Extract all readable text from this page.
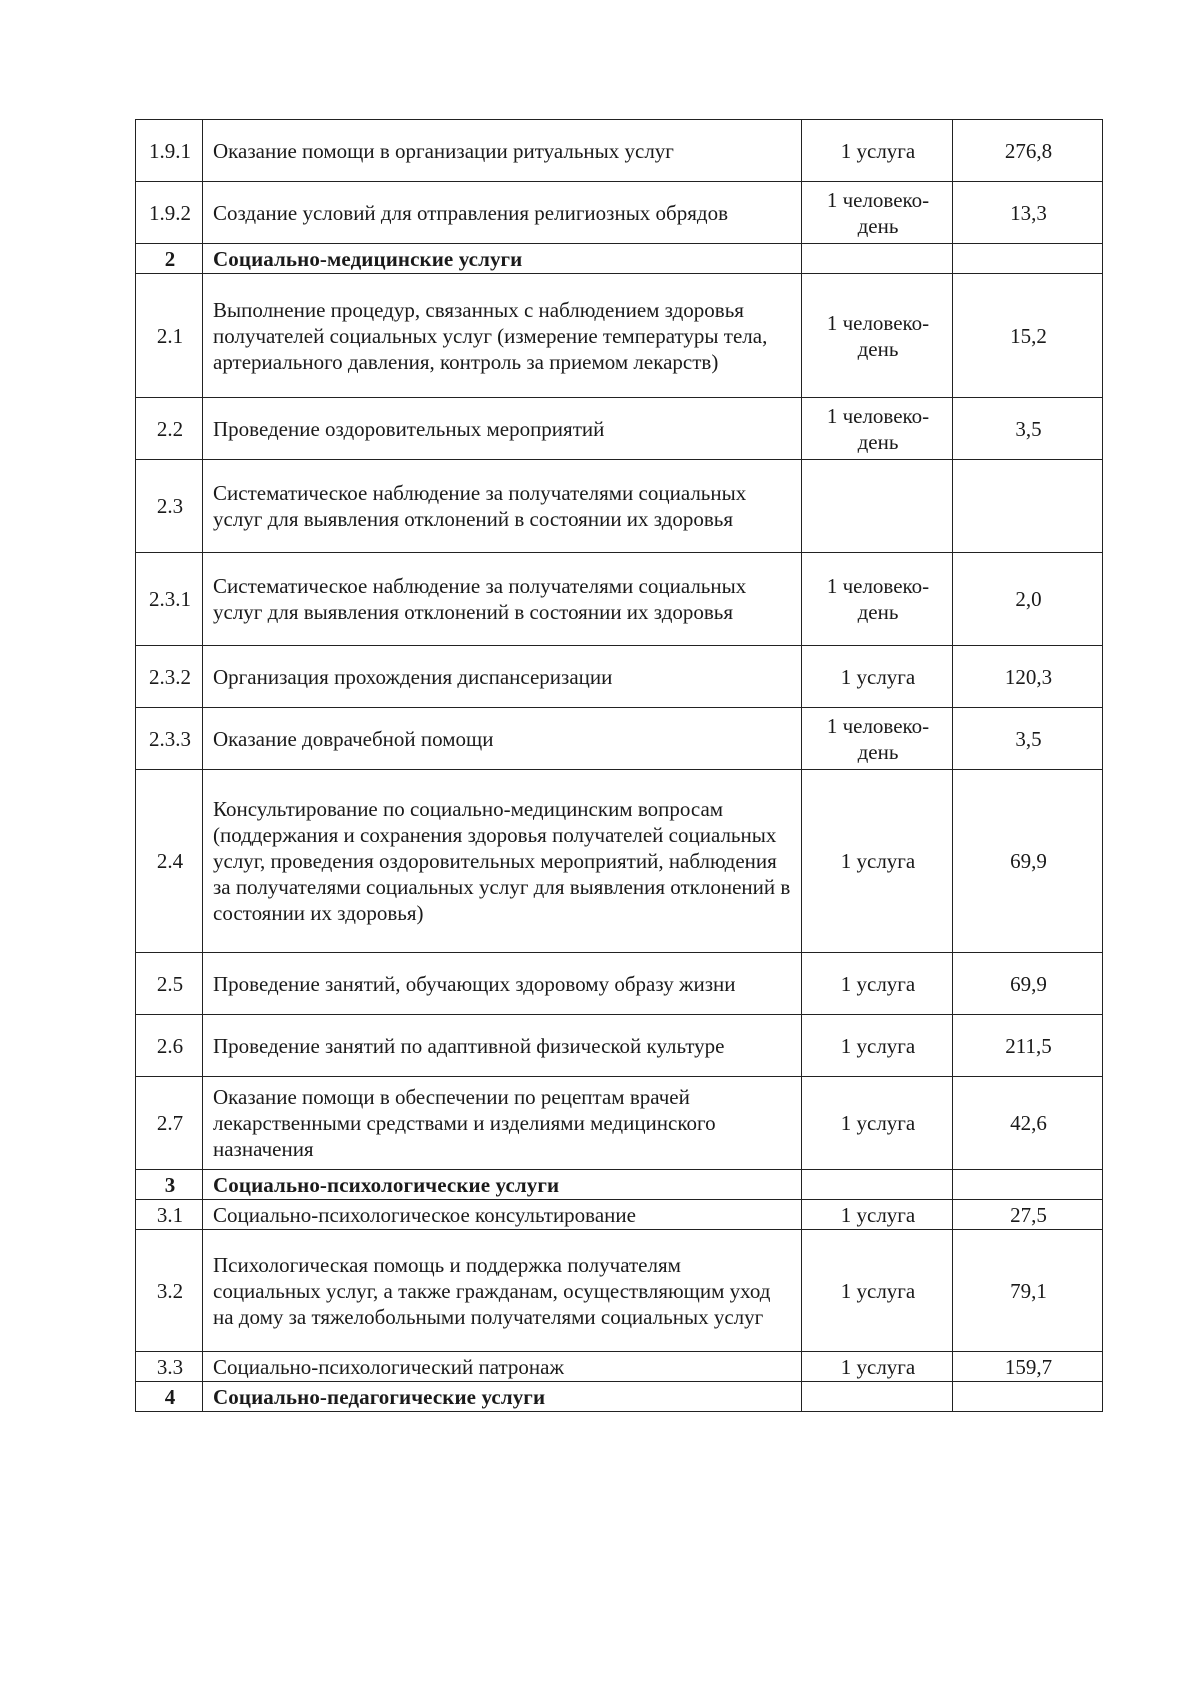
1.9.1	Оказание помощи в организации ритуальных услуг	1 услуга	276,8
1.9.2	Создание условий для отправления религиозных обрядов	1 человеко-день	13,3
2	Социально-медицинские услуги		
2.1	Выполнение процедур, связанных с наблюдением здоровья получателей социальных услуг (измерение температуры тела, артериального давления, контроль за приемом лекарств)	1 человеко-день	15,2
2.2	Проведение оздоровительных мероприятий	1 человеко-день	3,5
2.3	Систематическое наблюдение за получателями социальных услуг для выявления отклонений в состоянии их здоровья		
2.3.1	Систематическое наблюдение за получателями социальных услуг для выявления отклонений в состоянии их здоровья	1 человеко-день	2,0
2.3.2	Организация прохождения диспансеризации	1 услуга	120,3
2.3.3	Оказание доврачебной помощи	1 человеко-день	3,5
2.4	Консультирование по социально-медицинским вопросам (поддержания и сохранения здоровья получателей социальных услуг, проведения оздоровительных мероприятий, наблюдения за получателями социальных услуг для выявления отклонений в состоянии их здоровья)	1 услуга	69,9
2.5	Проведение занятий, обучающих здоровому образу жизни	1 услуга	69,9
2.6	Проведение занятий по адаптивной физической культуре	1 услуга	211,5
2.7	Оказание помощи в обеспечении по рецептам врачей лекарственными средствами и изделиями медицинского назначения	1 услуга	42,6
3	Социально-психологические услуги		
3.1	Социально-психологическое консультирование	1 услуга	27,5
3.2	Психологическая помощь и поддержка получателям социальных услуг, а также гражданам, осуществляющим уход на дому за тяжелобольными получателями социальных услуг	1 услуга	79,1
3.3	Социально-психологический патронаж	1 услуга	159,7
4	Социально-педагогические услуги		
